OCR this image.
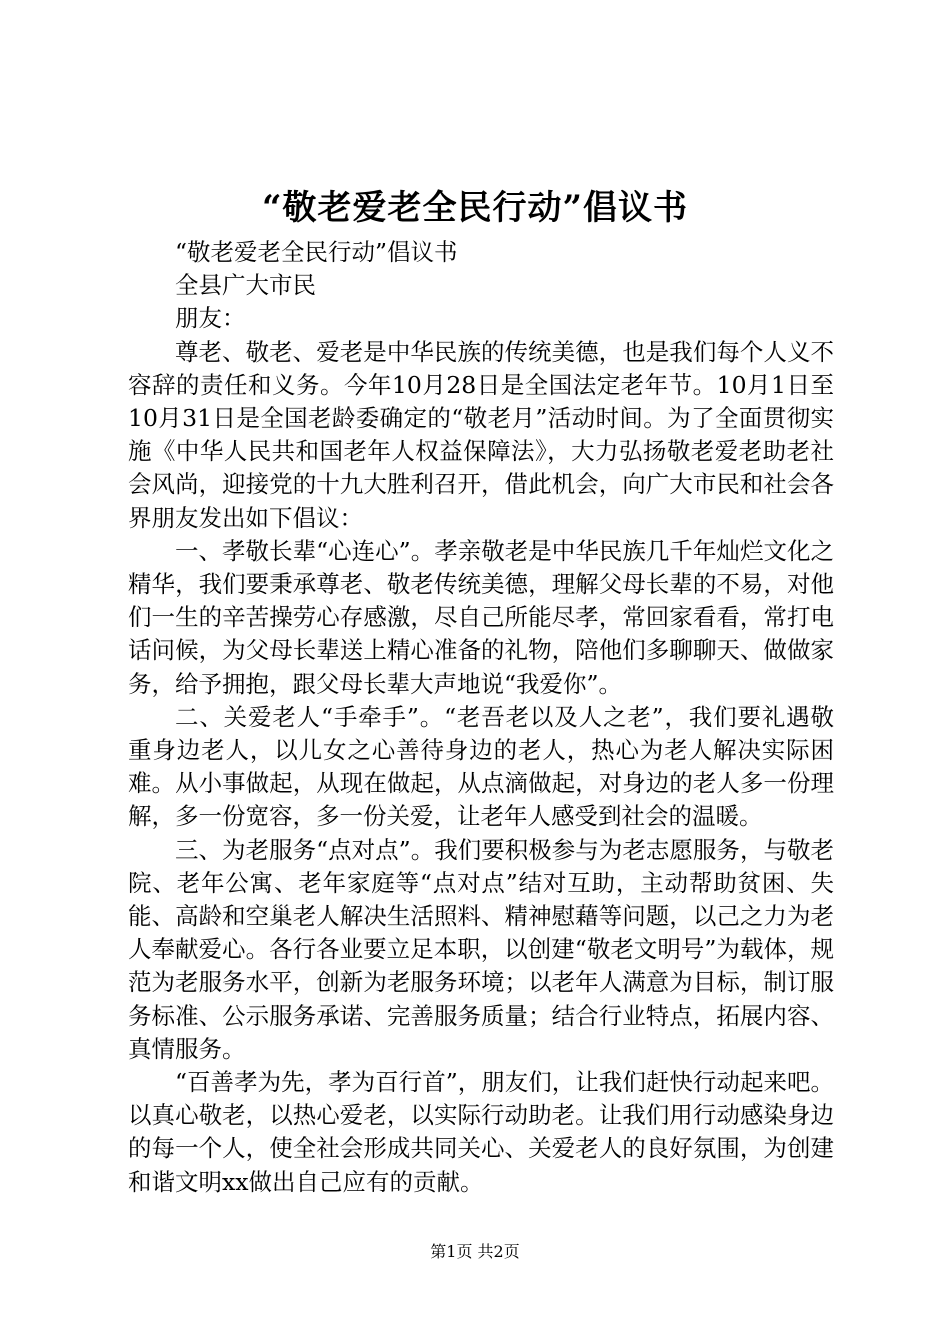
“敬老爱老全民行动”倡议书

“敬老爱老全民行动”倡议书

全县广大市民

朋友：

尊老、敬老、爱老是中华民族的传统美德，也是我们每个人义不容辞的责任和义务。今年10月28日是全国法定老年节。10月1日至10月31日是全国老龄委确定的“敬老月”活动时间。为了全面贯彻实施《中华人民共和国老年人权益保障法》，大力弘扬敬老爱老助老社会风尚，迎接党的十九大胜利召开，借此机会，向广大市民和社会各界朋友发出如下倡议：

一、孝敬长辈“心连心”。孝亲敬老是中华民族几千年灿烂文化之精华，我们要秉承尊老、敬老传统美德，理解父母长辈的不易，对他们一生的辛苦操劳心存感激，尽自己所能尽孝，常回家看看，常打电话问候，为父母长辈送上精心准备的礼物，陪他们多聊聊天、做做家务，给予拥抱，跟父母长辈大声地说“我爱你”。

二、关爱老人“手牵手”。“老吾老以及人之老”，我们要礼遇敬重身边老人，以儿女之心善待身边的老人，热心为老人解决实际困难。从小事做起，从现在做起，从点滴做起，对身边的老人多一份理解，多一份宽容，多一份关爱，让老年人感受到社会的温暖。

三、为老服务“点对点”。我们要积极参与为老志愿服务，与敬老院、老年公寓、老年家庭等“点对点”结对互助，主动帮助贫困、失能、高龄和空巢老人解决生活照料、精神慰藉等问题，以己之力为老人奉献爱心。各行各业要立足本职，以创建“敬老文明号”为载体，规范为老服务水平，创新为老服务环境；以老年人满意为目标，制订服务标准、公示服务承诺、完善服务质量；结合行业特点，拓展内容、真情服务。

“百善孝为先，孝为百行首”，朋友们，让我们赶快行动起来吧。以真心敬老，以热心爱老，以实际行动助老。让我们用行动感染身边的每一个人，使全社会形成共同关心、关爱老人的良好氛围，为创建和谐文明xx做出自己应有的贡献。

第1页 共2页
